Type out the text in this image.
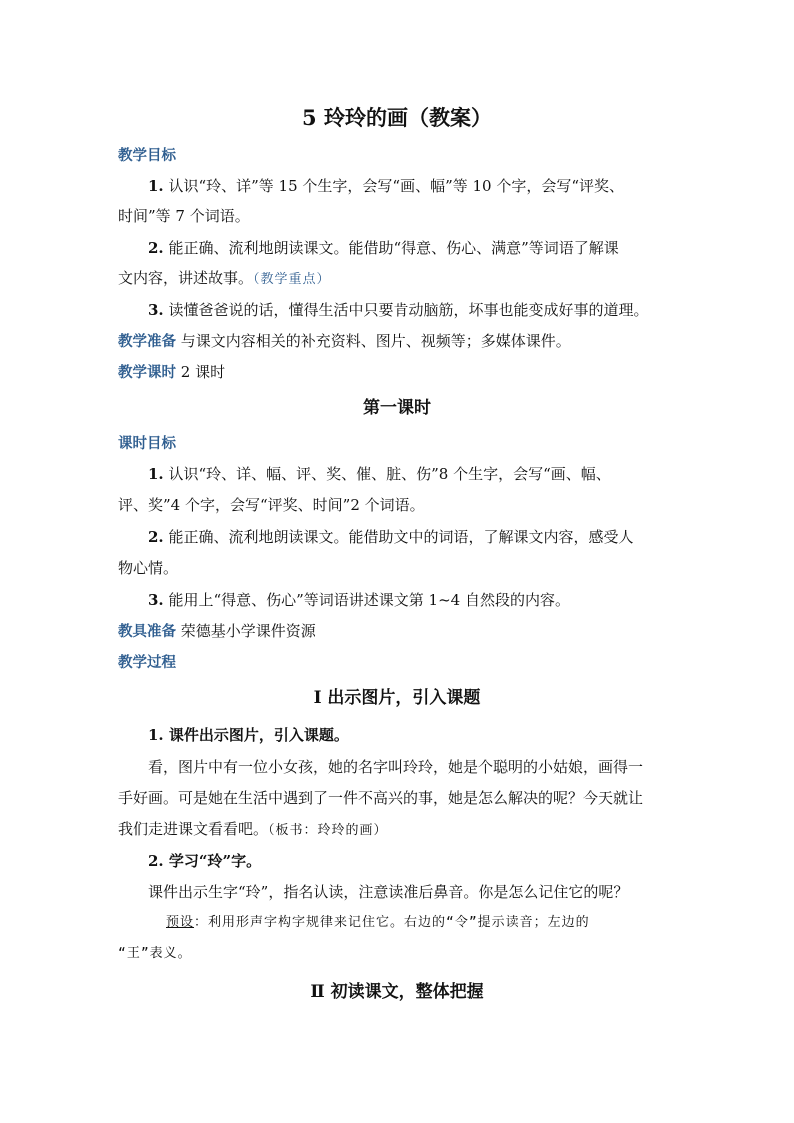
5 玲玲的画（教案）
教学目标
1. 认识“玲、详”等 15 个生字，会写“画、幅”等 10 个字，会写“评奖、
时间”等 7 个词语。
2. 能正确、流利地朗读课文。能借助“得意、伤心、满意”等词语了解课
文内容，讲述故事。（教学重点）
3. 读懂爸爸说的话，懂得生活中只要肯动脑筋，坏事也能变成好事的道理。
教学准备 与课文内容相关的补充资料、图片、视频等；多媒体课件。
教学课时 2 课时
第一课时
课时目标
1. 认识“玲、详、幅、评、奖、催、脏、伤”8 个生字，会写“画、幅、
评、奖”4 个字，会写“评奖、时间”2 个词语。
2. 能正确、流利地朗读课文。能借助文中的词语，了解课文内容，感受人
物心情。
3. 能用上“得意、伤心”等词语讲述课文第 1~4 自然段的内容。
教具准备 荣德基小学课件资源
教学过程
Ⅰ 出示图片，引入课题
1. 课件出示图片，引入课题。
看，图片中有一位小女孩，她的名字叫玲玲，她是个聪明的小姑娘，画得一
手好画。可是她在生活中遇到了一件不高兴的事，她是怎么解决的呢？今天就让
我们走进课文看看吧。（板书：玲玲的画）
2. 学习“玲”字。
课件出示生字“玲”，指名认读，注意读准后鼻音。你是怎么记住它的呢？
预设：利用形声字构字规律来记住它。右边的“令”提示读音；左边的
“王”表义。
Ⅱ 初读课文，整体把握
